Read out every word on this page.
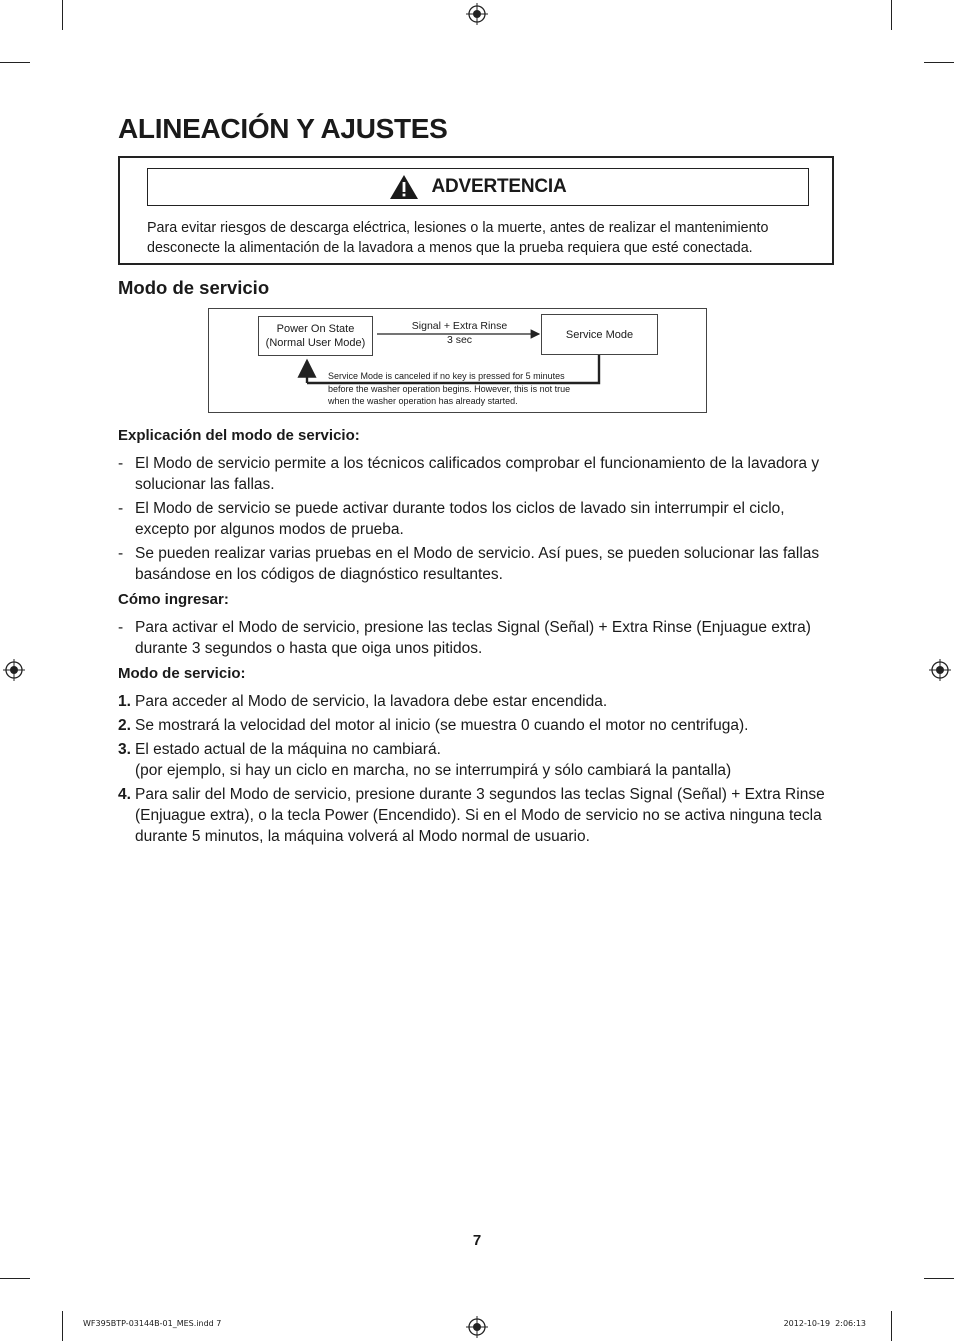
ALINEACIÓN Y AJUSTES
ADVERTENCIA

Para evitar riesgos de descarga eléctrica, lesiones o la muerte, antes de realizar el mantenimiento desconecte la alimentación de la lavadora a menos que la prueba requiera que esté conectada.

Modo de servicio
Power On State
(Normal User Mode)
Signal + Extra Rinse
3 sec	Service Mode
Service Mode is canceled if no key is pressed for 5 minutes
before the washer operation begins. However, this is not true
when the washer operation has already started.

Explicación del modo de servicio:

- El Modo de servicio permite a los técnicos calificados comprobar el funcionamiento de la lavadora y solucionar las fallas.
- El Modo de servicio se puede activar durante todos los ciclos de lavado sin interrumpir el ciclo, excepto por algunos modos de prueba.
- Se pueden realizar varias pruebas en el Modo de servicio. Así pues, se pueden solucionar las fallas basándose en los códigos de diagnóstico resultantes.

Cómo ingresar:

- Para activar el Modo de servicio, presione las teclas Signal (Señal) + Extra Rinse (Enjuague extra) durante 3 segundos o hasta que oiga unos pitidos.

Modo de servicio:

1. Para acceder al Modo de servicio, la lavadora debe estar encendida.
2. Se mostrará la velocidad del motor al inicio (se muestra 0 cuando el motor no centrifuga).
3. El estado actual de la máquina no cambiará.
(por ejemplo, si hay un ciclo en marcha, no se interrumpirá y sólo cambiará la pantalla)
4. Para salir del Modo de servicio, presione durante 3 segundos las teclas Signal (Señal) + Extra Rinse (Enjuague extra), o la tecla Power (Encendido). Si en el Modo de servicio no se activa ninguna tecla durante 5 minutos, la máquina volverá al Modo normal de usuario.
7
WF395BTP-03144B-01_MES.indd 7	2012-10-19 ￼￼ 2:06:13
